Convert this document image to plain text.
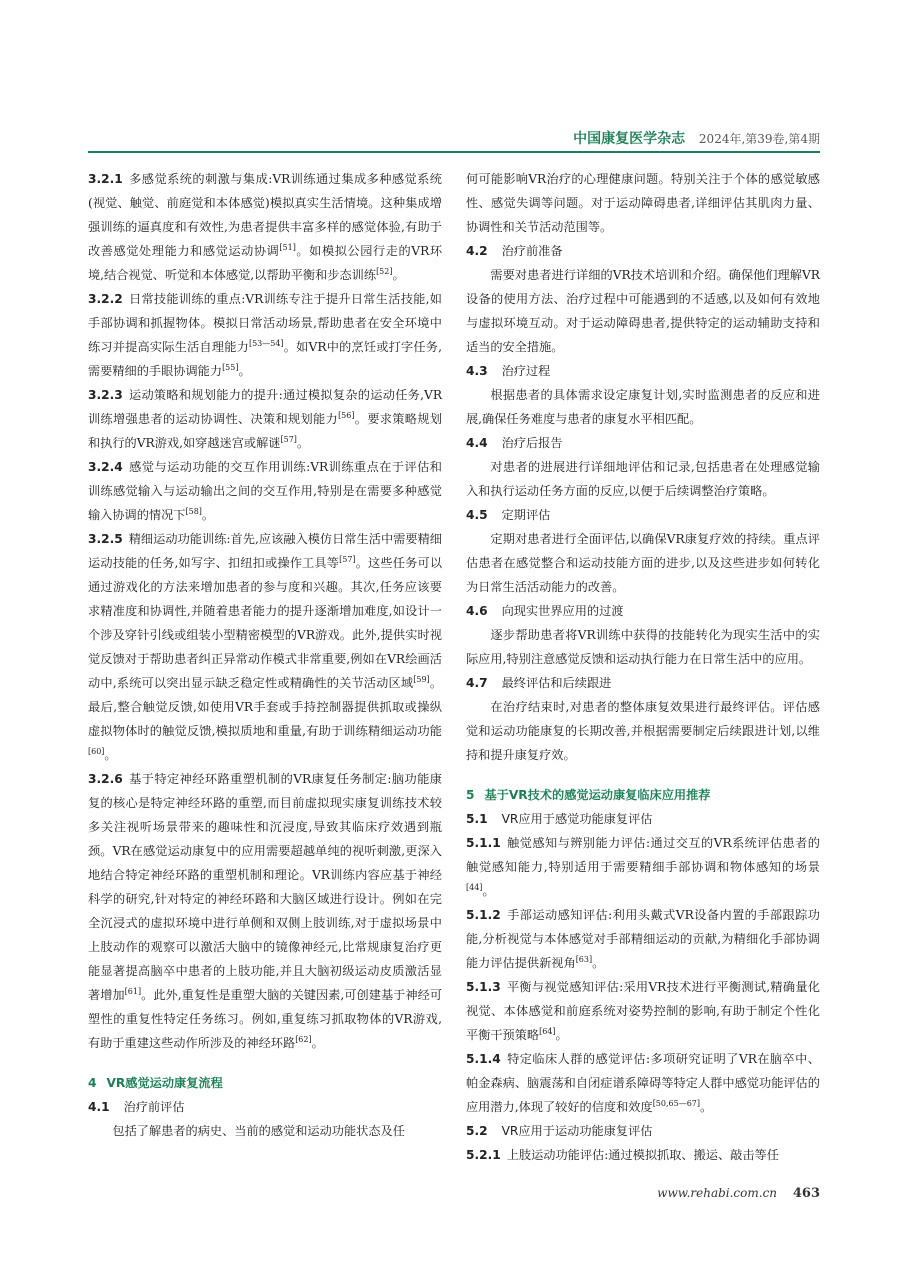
中国康复医学杂志 2024年,第39卷,第4期

3.2.1 多感觉系统的刺激与集成:VR训练通过集成多种感觉系统(视觉、触觉、前庭觉和本体感觉)模拟真实生活情境。这种集成增强训练的逼真度和有效性,为患者提供丰富多样的感觉体验,有助于改善感觉处理能力和感觉运动协调[51]。如模拟公园行走的VR环境,结合视觉、听觉和本体感觉,以帮助平衡和步态训练[52]。

3.2.2 日常技能训练的重点:VR训练专注于提升日常生活技能,如手部协调和抓握物体。模拟日常活动场景,帮助患者在安全环境中练习并提高实际生活自理能力[53—54]。如VR中的烹饪或打字任务,需要精细的手眼协调能力[55]。

3.2.3 运动策略和规划能力的提升:通过模拟复杂的运动任务,VR训练增强患者的运动协调性、决策和规划能力[56]。要求策略规划和执行的VR游戏,如穿越迷宫或解谜[57]。

3.2.4 感觉与运动功能的交互作用训练:VR训练重点在于评估和训练感觉输入与运动输出之间的交互作用,特别是在需要多种感觉输入协调的情况下[58]。

3.2.5 精细运动功能训练:首先,应该融入模仿日常生活中需要精细运动技能的任务,如写字、扣纽扣或操作工具等[57]。这些任务可以通过游戏化的方法来增加患者的参与度和兴趣。其次,任务应该要求精准度和协调性,并随着患者能力的提升逐渐增加难度,如设计一个涉及穿针引线或组装小型精密模型的VR游戏。此外,提供实时视觉反馈对于帮助患者纠正异常动作模式非常重要,例如在VR绘画活动中,系统可以突出显示缺乏稳定性或精确性的关节活动区域[59]。最后,整合触觉反馈,如使用VR手套或手持控制器提供抓取或操纵虚拟物体时的触觉反馈,模拟质地和重量,有助于训练精细运动功能[60]。

3.2.6 基于特定神经环路重塑机制的VR康复任务制定:脑功能康复的核心是特定神经环路的重塑,而目前虚拟现实康复训练技术较多关注视听场景带来的趣味性和沉浸度,导致其临床疗效遇到瓶颈。VR在感觉运动康复中的应用需要超越单纯的视听刺激,更深入地结合特定神经环路的重塑机制和理论。VR训练内容应基于神经科学的研究,针对特定的神经环路和大脑区域进行设计。例如在完全沉浸式的虚拟环境中进行单侧和双侧上肢训练,对于虚拟场景中上肢动作的观察可以激活大脑中的镜像神经元,比常规康复治疗更能显著提高脑卒中患者的上肢功能,并且大脑初级运动皮质激活显著增加[61]。此外,重复性是重塑大脑的关键因素,可创建基于神经可塑性的重复性特定任务练习。例如,重复练习抓取物体的VR游戏,有助于重建这些动作所涉及的神经环路[62]。

4 VR感觉运动康复流程
4.1 治疗前评估

包括了解患者的病史、当前的感觉和运动功能状态及任

何可能影响VR治疗的心理健康问题。特别关注于个体的感觉敏感性、感觉失调等问题。对于运动障碍患者,详细评估其肌肉力量、协调性和关节活动范围等。

4.2 治疗前准备

需要对患者进行详细的VR技术培训和介绍。确保他们理解VR设备的使用方法、治疗过程中可能遇到的不适感,以及如何有效地与虚拟环境互动。对于运动障碍患者,提供特定的运动辅助支持和适当的安全措施。

4.3 治疗过程

根据患者的具体需求设定康复计划,实时监测患者的反应和进展,确保任务难度与患者的康复水平相匹配。

4.4 治疗后报告

对患者的进展进行详细地评估和记录,包括患者在处理感觉输入和执行运动任务方面的反应,以便于后续调整治疗策略。

4.5 定期评估

定期对患者进行全面评估,以确保VR康复疗效的持续。重点评估患者在感觉整合和运动技能方面的进步,以及这些进步如何转化为日常生活活动能力的改善。

4.6 向现实世界应用的过渡

逐步帮助患者将VR训练中获得的技能转化为现实生活中的实际应用,特别注意感觉反馈和运动执行能力在日常生活中的应用。

4.7 最终评估和后续跟进

在治疗结束时,对患者的整体康复效果进行最终评估。评估感觉和运动功能康复的长期改善,并根据需要制定后续跟进计划,以维持和提升康复疗效。

5 基于VR技术的感觉运动康复临床应用推荐
5.1 VR应用于感觉功能康复评估

5.1.1 触觉感知与辨别能力评估:通过交互的VR系统评估患者的触觉感知能力,特别适用于需要精细手部协调和物体感知的场景[44]。

5.1.2 手部运动感知评估:利用头戴式VR设备内置的手部跟踪功能,分析视觉与本体感觉对手部精细运动的贡献,为精细化手部协调能力评估提供新视角[63]。

5.1.3 平衡与视觉感知评估:采用VR技术进行平衡测试,精确量化视觉、本体感觉和前庭系统对姿势控制的影响,有助于制定个性化平衡干预策略[64]。

5.1.4 特定临床人群的感觉评估:多项研究证明了VR在脑卒中、帕金森病、脑震荡和自闭症谱系障碍等特定人群中感觉功能评估的应用潜力,体现了较好的信度和效度[50,65—67]。

5.2 VR应用于运动功能康复评估

5.2.1 上肢运动功能评估:通过模拟抓取、搬运、敲击等任

www.rehabi.com.cn 463
